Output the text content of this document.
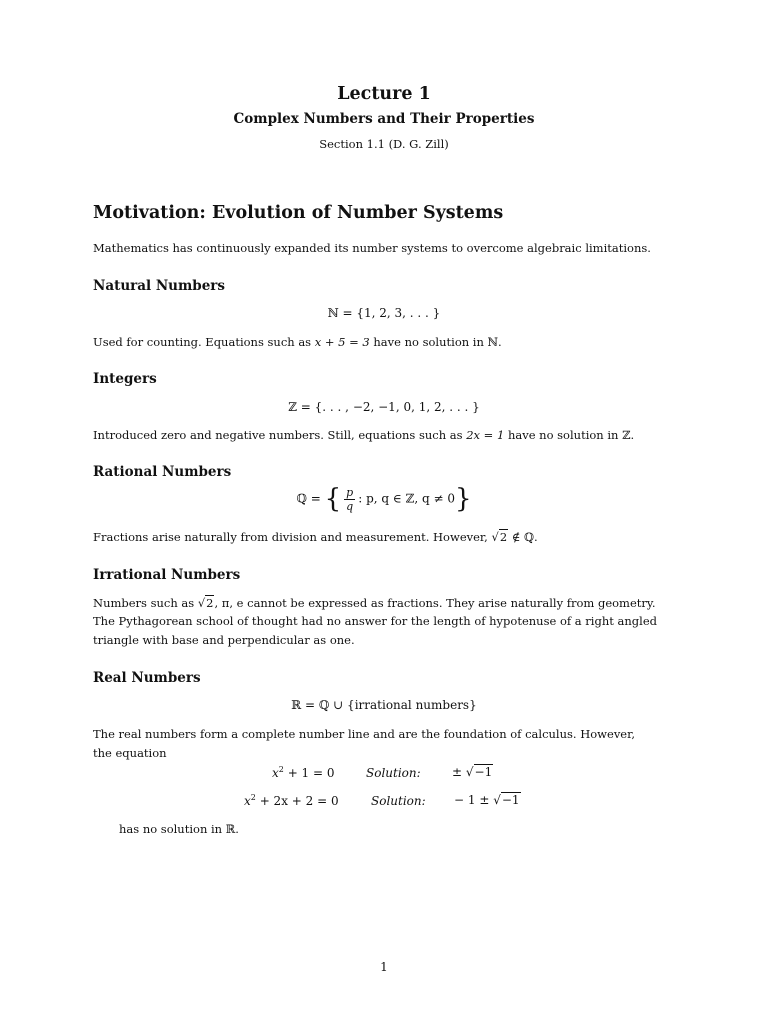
Lecture 1
Complex Numbers and Their Properties
Section 1.1 (D. G. Zill)
Motivation: Evolution of Number Systems
Mathematics has continuously expanded its number systems to overcome algebraic limitations.
Natural Numbers
ℕ = {1, 2, 3, . . . }
Used for counting. Equations such as x + 5 = 3 have no solution in ℕ.
Integers
ℤ = {. . . , −2, −1, 0, 1, 2, . . . }
Introduced zero and negative numbers. Still, equations such as 2x = 1 have no solution in ℤ.
Rational Numbers
ℚ = { $\frac{p}{q}$ : p, q ∈ ℤ, q ≠ 0}
Fractions arise naturally from division and measurement. However, √2 ∉ ℚ.
Irrational Numbers
Numbers such as √2, π, e cannot be expressed as fractions. They arise naturally from geometry.
The Pythagorean school of thought had no answer for the length of hypotenuse of a right angled
triangle with base and perpendicular as one.
Real Numbers
ℝ = ℚ ∪ {irrational numbers}
The real numbers form a complete number line and are the foundation of calculus. However,
the equation
$x^2 + 1 = 0$	Solution:	± √−1
$x^2 + 2x + 2 = 0$	Solution: − 1 ± √−1
has no solution in ℝ.
1
